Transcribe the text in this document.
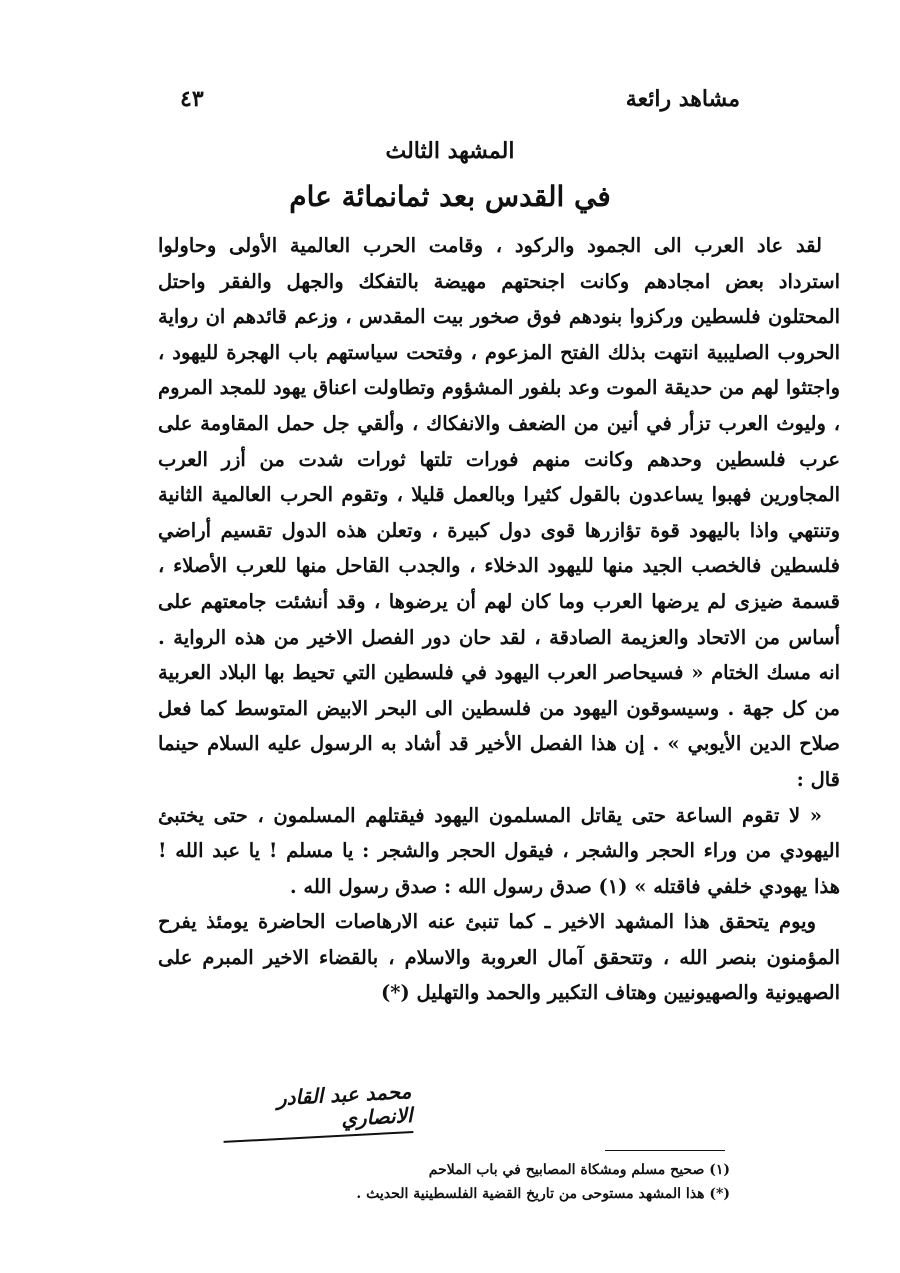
مشاهد رائعة
٤٣
المشهد الثالث
في القدس بعد ثمانمائة عام

لقد عاد العرب الى الجمود والركود ، وقامت الحرب العالمية الأولى وحاولوا استرداد بعض امجادهم وكانت اجنحتهم مهيضة بالتفكك والجهل والفقر واحتل المحتلون فلسطين وركزوا بنودهم فوق صخور بيت المقدس ، وزعم قائدهم ان رواية الحروب الصليبية انتهت بذلك الفتح المزعوم ، وفتحت سياستهم باب الهجرة لليهود ، واجتثوا لهم من حديقة الموت وعد بلفور المشؤوم وتطاولت اعناق يهود للمجد المروم ، وليوث العرب تزأر في أنين من الضعف والانفكاك ، وألقي جل حمل المقاومة على عرب فلسطين وحدهم وكانت منهم فورات تلتها ثورات شدت من أزر العرب المجاورين فهبوا يساعدون بالقول كثيرا وبالعمل قليلا ، وتقوم الحرب العالمية الثانية وتنتهي واذا باليهود قوة تؤازرها قوى دول كبيرة ، وتعلن هذه الدول تقسيم أراضي فلسطين فالخصب الجيد منها لليهود الدخلاء ، والجدب القاحل منها للعرب الأصلاء ، قسمة ضيزى لم يرضها العرب وما كان لهم أن يرضوها ، وقد أنشئت جامعتهم على أساس من الاتحاد والعزيمة الصادقة ، لقد حان دور الفصل الاخير من هذه الرواية . انه مسك الختام « فسيحاصر العرب اليهود في فلسطين التي تحيط بها البلاد العربية من كل جهة . وسيسوقون اليهود من فلسطين الى البحر الابيض المتوسط كما فعل صلاح الدين الأيوبي » . إن هذا الفصل الأخير قد أشاد به الرسول عليه السلام حينما قال :

« لا تقوم الساعة حتى يقاتل المسلمون اليهود فيقتلهم المسلمون ، حتى يختبئ اليهودي من وراء الحجر والشجر ، فيقول الحجر والشجر : يا مسلم ! يا عبد الله ! هذا يهودي خلفي فاقتله » (١) صدق رسول الله : صدق رسول الله .

ويوم يتحقق هذا المشهد الاخير ـ كما تنبئ عنه الارهاصات الحاضرة يومئذ يفرح المؤمنون بنصر الله ، وتتحقق آمال العروبة والاسلام ، بالقضاء الاخير المبرم على الصهيونية والصهيونيين وهتاف التكبير والحمد والتهليل (*)

محمد عبد القادر الانصاري

(١) صحيح مسلم ومشكاة المصابيح في باب الملاحم

(*) هذا المشهد مستوحى من تاريخ القضية الفلسطينية الحديث .
